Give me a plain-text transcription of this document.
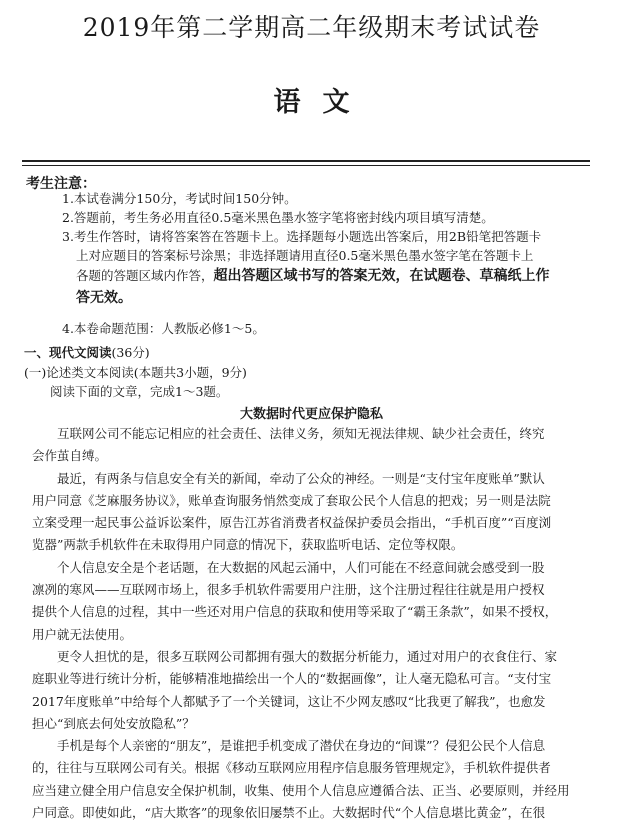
2019年第二学期高二年级期末考试试卷
语文
考生注意：
1.本试卷满分150分，考试时间150分钟。
2.答题前，考生务必用直径0.5毫米黑色墨水签字笔将密封线内项目填写清楚。
3.考生作答时，请将答案答在答题卡上。选择题每小题选出答案后，用2B铅笔把答题卡
上对应题目的答案标号涂黑；非选择题请用直径0.5毫米黑色墨水签字笔在答题卡上
各题的答题区域内作答，超出答题区域书写的答案无效，在试题卷、草稿纸上作
答无效。
4.本卷命题范围：人教版必修1～5。
一、现代文阅读(36分)
(一)论述类文本阅读(本题共3小题，9分)
阅读下面的文章，完成1～3题。
大数据时代更应保护隐私
互联网公司不能忘记相应的社会责任、法律义务，须知无视法律规、缺少社会责任，终究
会作茧自缚。
最近，有两条与信息安全有关的新闻，牵动了公众的神经。一则是“支付宝年度账单”默认
用户同意《芝麻服务协议》，账单查询服务悄然变成了套取公民个人信息的把戏；另一则是法院
立案受理一起民事公益诉讼案件，原告江苏省消费者权益保护委员会指出，“手机百度”“百度浏
览器”两款手机软件在未取得用户同意的情况下，获取监听电话、定位等权限。
个人信息安全是个老话题，在大数据的风起云涌中，人们可能在不经意间就会感受到一股
凛冽的寒风——互联网市场上，很多手机软件需要用户注册，这个注册过程往往就是用户授权
提供个人信息的过程，其中一些还对用户信息的获取和使用等采取了“霸王条款”，如果不授权，
用户就无法使用。
更令人担忧的是，很多互联网公司都拥有强大的数据分析能力，通过对用户的衣食住行、家
庭职业等进行统计分析，能够精准地描绘出一个人的“数据画像”，让人毫无隐私可言。“支付宝
2017年度账单”中给每个人都赋予了一个关键词，这让不少网友感叹“比我更了解我”，也愈发
担心“到底去何处安放隐私”？
手机是每个人亲密的“朋友”，是谁把手机变成了潜伏在身边的“间谍”？侵犯公民个人信息
的，往往与互联网公司有关。根据《移动互联网应用程序信息服务管理规定》，手机软件提供者
应当建立健全用户信息安全保护机制，收集、使用个人信息应遵循合法、正当、必要原则，并经用
户同意。即使如此，“店大欺客”的现象依旧屡禁不止。大数据时代“个人信息堪比黄金”，在很
